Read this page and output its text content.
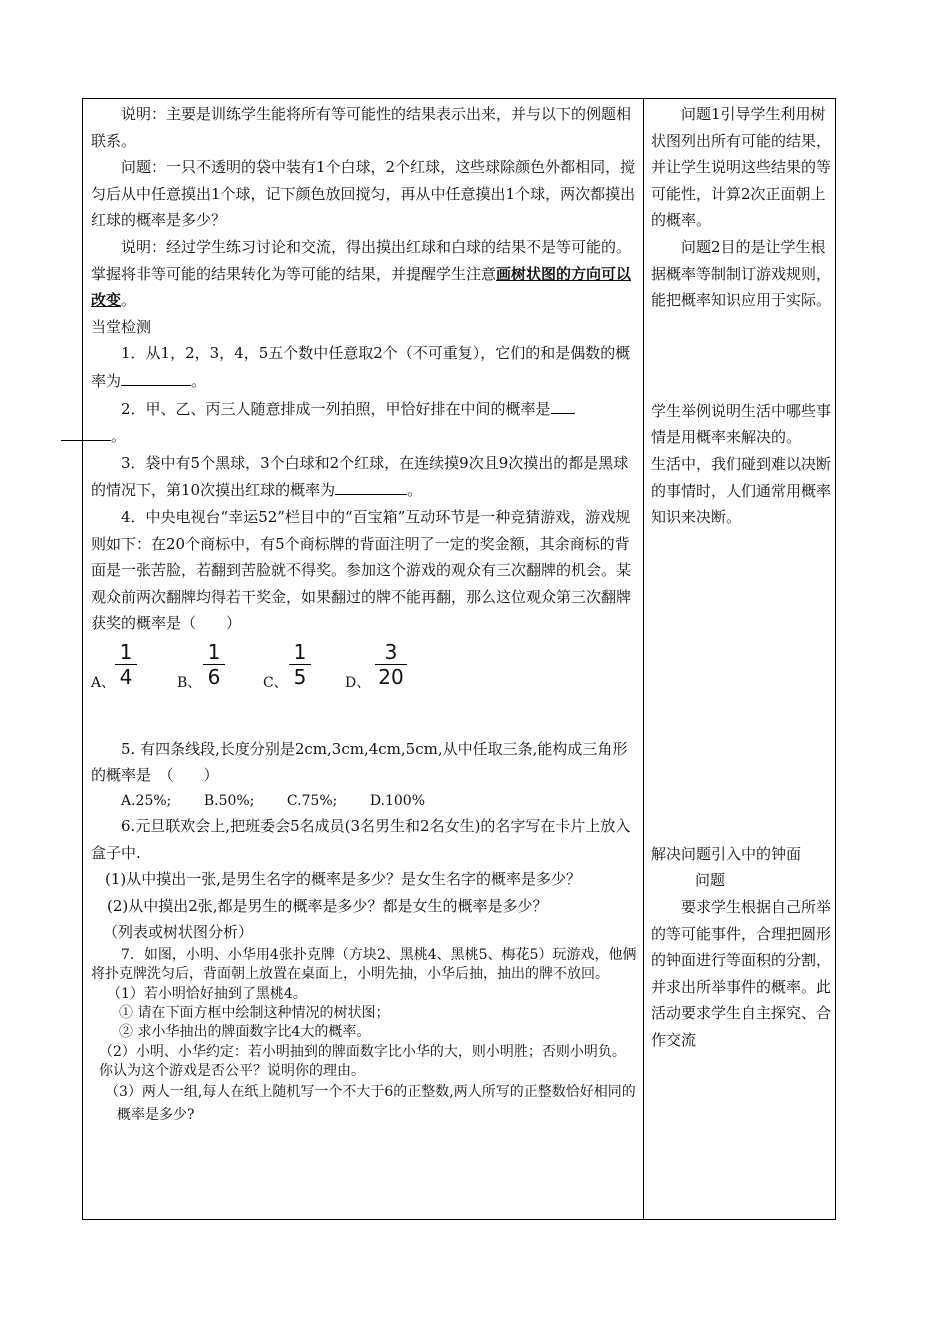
说明：主要是训练学生能将所有等可能性的结果表示出来，并与以下的例题相联系。

问题：一只不透明的袋中装有1个白球，2个红球，这些球除颜色外都相同，搅匀后从中任意摸出1个球，记下颜色放回搅匀，再从中任意摸出1个球，两次都摸出红球的概率是多少？

说明：经过学生练习讨论和交流，得出摸出红球和白球的结果不是等可能的。掌握将非等可能的结果转化为等可能的结果，并提醒学生注意画树状图的方向可以改变。

当堂检测

1．从1，2，3，4，5五个数中任意取2个（不可重复），它们的和是偶数的概率为	。

2．甲、乙、丙三人随意排成一列拍照，甲恰好排在中间的概率是
。

3．袋中有5个黑球，3个白球和2个红球，在连续摸9次且9次摸出的都是黑球的情况下，第10次摸出红球的概率为	。

4．中央电视台“幸运52”栏目中的“百宝箱”互动环节是一种竞猜游戏，游戏规则如下：在20个商标中，有5个商标牌的背面注明了一定的奖金额，其余商标的背面是一张苦脸，若翻到苦脸就不得奖。参加这个游戏的观众有三次翻牌的机会。某观众前两次翻牌均得若干奖金，如果翻过的牌不能再翻，那么这位观众第三次翻牌获奖的概率是（　　）

A、 $\frac{1}{4}$	B、 $\frac{1}{6}$	C、 $\frac{1}{5}$ D、 $\frac{3}{20}$

5. 有四条线段,长度分别是2cm,3cm,4cm,5cm,从中任取三条,能构成三角形的概率是　（　　）

A.25%;　　 B.50%;　　 C.75%;　　 D.100%

6.元旦联欢会上,把班委会5名成员(3名男生和2名女生)的名字写在卡片上放入盒子中.

(1)从中摸出一张,是男生名字的概率是多少？是女生名字的概率是多少？

(2)从中摸出2张,都是男生的概率是多少？都是女生的概率是多少？

（列表或树状图分析）

7．如图，小明、小华用4张扑克牌（方块2、黑桃4、黑桃5、梅花5）玩游戏，他俩将扑克牌洗匀后，背面朝上放置在桌面上，小明先抽，小华后抽，抽出的牌不放回。

（1）若小明恰好抽到了黑桃4。

① 请在下面方框中绘制这种情况的树状图；

② 求小华抽出的牌面数字比4大的概率。

（2）小明、小华约定：若小明抽到的牌面数字比小华的大，则小明胜；否则小明负。你认为这个游戏是否公平？说明你的理由。

（3）两人一组,每人在纸上随机写一个不大于6的正整数,两人所写的正整数恰好相同的概率是多少?

问题1引导学生利用树状图列出所有可能的结果，并让学生说明这些结果的等可能性，计算2次正面朝上的概率。

问题2目的是让学生根据概率等制制订游戏规则，能把概率知识应用于实际。

学生举例说明生活中哪些事情是用概率来解决的。

生活中，我们碰到难以决断的事情时，人们通常用概率知识来决断。

解决问题引入中的钟面

问题

要求学生根据自己所举的等可能事件，合理把圆形的钟面进行等面积的分割，并求出所举事件的概率。此活动要求学生自主探究、合作交流
